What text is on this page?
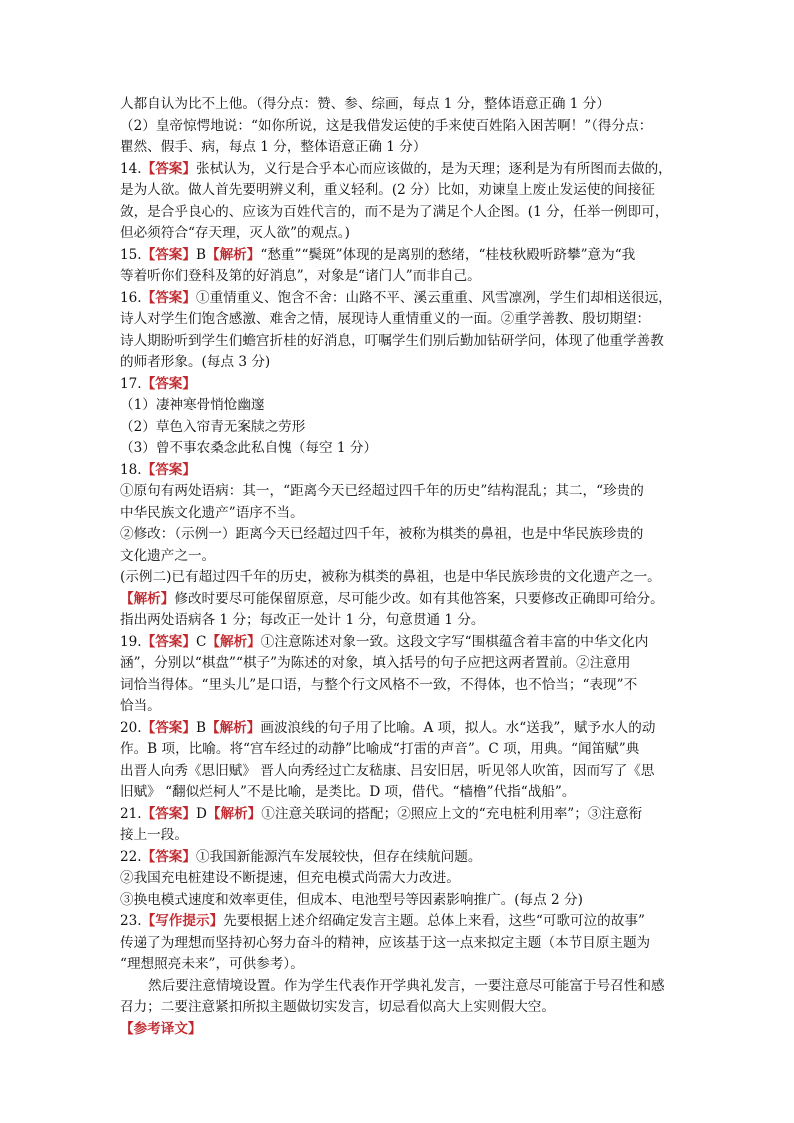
人都自认为比不上他。（得分点：赞、参、综画，每点 1 分，整体语意正确 1 分）
（2）皇帝惊愕地说：“如你所说，这是我借发运使的手来使百姓陷入困苦啊！”（得分点：
瞿然、假手、病，每点 1 分，整体语意正确 1 分）
14.【答案】张栻认为，义行是合乎本心而应该做的，是为天理；逐利是为有所图而去做的，
是为人欲。做人首先要明辨义利，重义轻利。(2 分）比如，劝谏皇上废止发运使的间接征
敛，是合乎良心的、应该为百姓代言的，而不是为了满足个人企图。(1 分，任举一例即可，
但必须符合“存天理，灭人欲”的观点。)
15.【答案】B【解析】“愁重”“鬓斑”体现的是离别的愁绪，“桂枝秋殿听跻攀”意为“我
等着听你们登科及第的好消息”，对象是“诸门人”而非自己。
16.【答案】①重情重义、饱含不舍：山路不平、溪云重重、风雪凛冽，学生们却相送很远，
诗人对学生们饱含感激、难舍之情，展现诗人重情重义的一面。②重学善教、殷切期望：
诗人期盼听到学生们蟾宫折桂的好消息，叮嘱学生们别后勤加钻研学问，体现了他重学善教
的师者形象。(每点 3 分)
17.【答案】
（1）凄神寒骨悄怆幽邃
（2）草色入帘青无案牍之劳形
（3）曾不事农桑念此私自愧（每空 1 分）
18.【答案】
①原句有两处语病：其一，“距离今天已经超过四千年的历史”结构混乱；其二，“珍贵的
中华民族文化遗产”语序不当。
②修改：（示例一）距离今天已经超过四千年，被称为棋类的鼻祖，也是中华民族珍贵的
文化遗产之一。
(示例二)已有超过四千年的历史，被称为棋类的鼻祖，也是中华民族珍贵的文化遗产之一。
【解析】修改时要尽可能保留原意，尽可能少改。如有其他答案，只要修改正确即可给分。
指出两处语病各 1 分；每改正一处计 1 分，句意贯通 1 分。
19.【答案】C【解析】①注意陈述对象一致。这段文字写“围棋蕴含着丰富的中华文化内
涵”，分别以“棋盘”“棋子”为陈述的对象，填入括号的句子应把这两者置前。②注意用
词恰当得体。“里头儿”是口语，与整个行文风格不一致，不得体，也不恰当；“表现”不
恰当。
20.【答案】B【解析】画波浪线的句子用了比喻。A 项，拟人。水“送我”，赋予水人的动
作。B 项，比喻。将“宫车经过的动静”比喻成“打雷的声音”。C 项，用典。“闻笛赋”典
出晋人向秀《思旧赋》 晋人向秀经过亡友嵇康、吕安旧居，听见邻人吹笛，因而写了《思
旧赋》 “翻似烂柯人”不是比喻，是类比。D 项，借代。“樯橹”代指“战船”。
21.【答案】D【解析】①注意关联词的搭配；②照应上文的“充电桩利用率”；③注意衔
接上一段。
22.【答案】①我国新能源汽车发展较快，但存在续航问题。
②我国充电桩建设不断提速，但充电模式尚需大力改进。
③换电模式速度和效率更佳，但成本、电池型号等因素影响推广。(每点 2 分)
23.【写作提示】先要根据上述介绍确定发言主题。总体上来看，这些“可歌可泣的故事”
传递了为理想而坚持初心努力奋斗的精神，应该基于这一点来拟定主题（本节目原主题为
“理想照亮未来”，可供参考）。
然后要注意情境设置。作为学生代表作开学典礼发言，一要注意尽可能富于号召性和感
召力；二要注意紧扣所拟主题做切实发言，切忌看似高大上实则假大空。
【参考译文】
